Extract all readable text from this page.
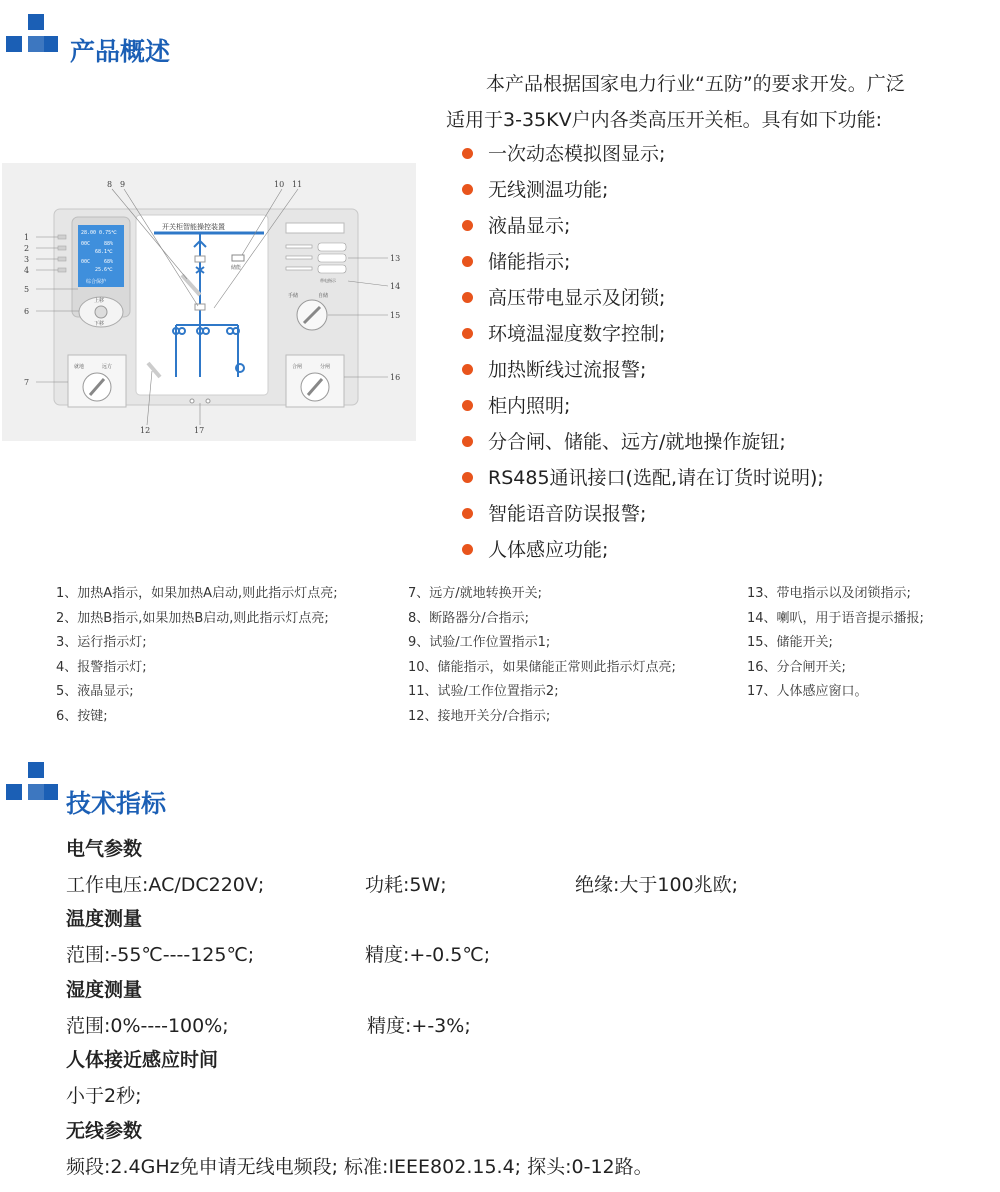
产品概述
本产品根据国家电力行业“五防”的要求开发。广泛
适用于3-35KV户内各类高压开关柜。具有如下功能:
一次动态模拟图显示;
无线测温功能;
液晶显示;
储能指示;
高压带电显示及闭锁;
环境温湿度数字控制;
加热断线过流报警;
柜内照明;
分合闸、储能、远方/就地操作旋钮;
RS485通讯接口(选配,请在订货时说明);
智能语音防误报警;
人体感应功能;
28.00 0.75℃
00C	88%
68.1℃
00C	68%
25.6℃
综合保护
上移
下移
开关柜智能操控装置
储能
带电指示
手储	自储
就地	远方	合闸	分闸
1
2
3
4
5
6
7
8 9	10 11
12	17
13
14
15
16
1、加热A指示，如果加热A启动,则此指示灯点亮;
2、加热B指示,如果加热B启动,则此指示灯点亮;
3、运行指示灯;
4、报警指示灯;
5、液晶显示;
6、按键;
7、远方/就地转换开关;
8、断路器分/合指示;
9、试验/工作位置指示1;
10、储能指示，如果储能正常则此指示灯点亮;
11、试验/工作位置指示2;
12、接地开关分/合指示;
13、带电指示以及闭锁指示;
14、喇叭，用于语音提示播报;
15、储能开关;
16、分合闸开关;
17、人体感应窗口。
技术指标
电气参数
工作电压:AC/DC220V;	功耗:5W;	绝缘:大于100兆欧;
温度测量
范围:-55℃----125℃;	精度:+-0.5℃;
湿度测量
范围:0%----100%;	精度:+-3%;
人体接近感应时间
小于2秒;
无线参数
频段:2.4GHz免申请无线电频段; 标准:IEEE802.15.4; 探头:0-12路。
